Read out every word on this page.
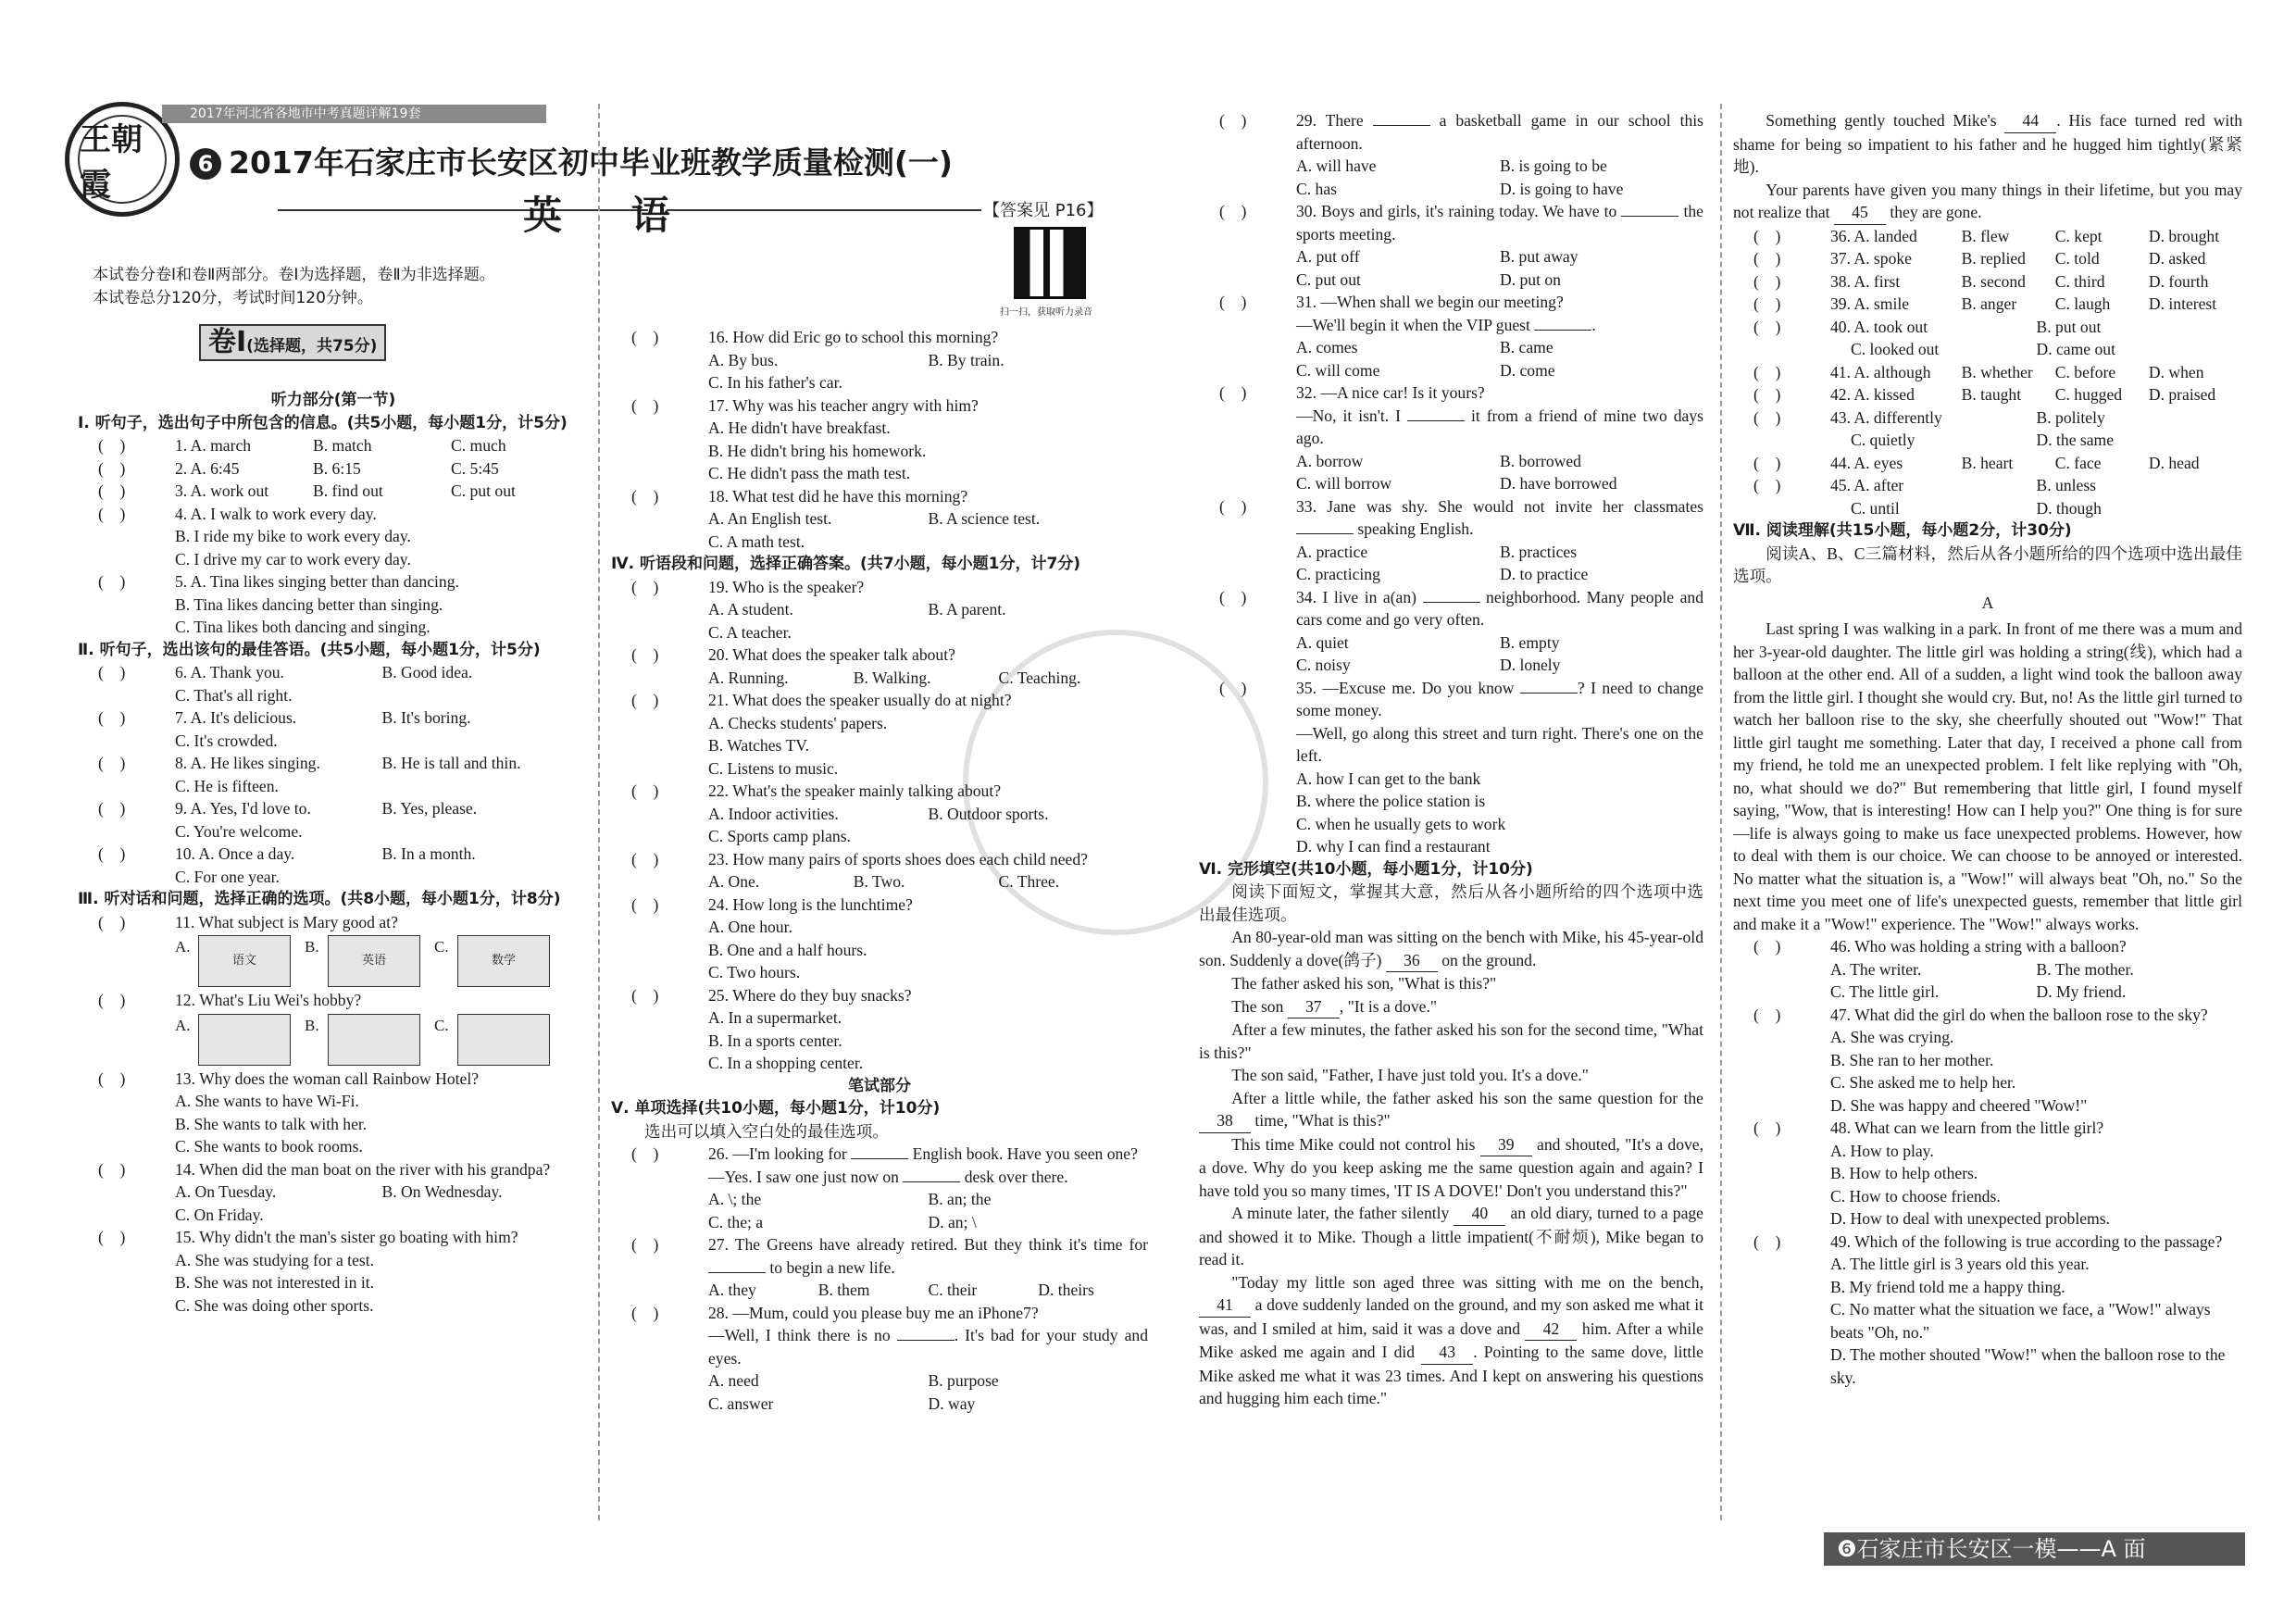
王朝霞
2017年河北省各地市中考真题详解19套
6 2017年石家庄市长安区初中毕业班教学质量检测(一)
英 语	【答案见 P16】
扫一扫，获取听力录音
本试卷分卷Ⅰ和卷Ⅱ两部分。卷Ⅰ为选择题，卷Ⅱ为非选择题。
本试卷总分120分，考试时间120分钟。
卷Ⅰ(选择题，共75分)
听力部分(第一节)
Ⅰ. 听句子，选出句子中所包含的信息。(共5小题，每小题1分，计5分)
(    )	1. A. march	B. match	C. much
(    )	2. A. 6:45	B. 6:15	C. 5:45
(    )	3. A. work out	B. find out	C. put out
(    )	4. A. I walk to work every day.
B. I ride my bike to work every day.
C. I drive my car to work every day.
(    )	5. A. Tina likes singing better than dancing.
B. Tina likes dancing better than singing.
C. Tina likes both dancing and singing.
Ⅱ. 听句子，选出该句的最佳答语。(共5小题，每小题1分，计5分)
(    )	6. A. Thank you.	B. Good idea.
C. That's all right.
(    )	7. A. It's delicious.	B. It's boring.
C. It's crowded.
(    )	8. A. He likes singing.	B. He is tall and thin.
C. He is fifteen.
(    )	9. A. Yes, I'd love to.	B. Yes, please.
C. You're welcome.
(    )	10. A. Once a day.	B. In a month.
C. For one year.
Ⅲ. 听对话和问题，选择正确的选项。(共8小题，每小题1分，计8分)
(    )	11. What subject is Mary good at?
A.
语文
B.
英语
C.
数学
(    )	12. What's Liu Wei's hobby?
A.	B.	C.
(    )	13. Why does the woman call Rainbow Hotel?
A. She wants to have Wi-Fi.
B. She wants to talk with her.
C. She wants to book rooms.
(    )	14. When did the man boat on the river with his grandpa?
A. On Tuesday.	B. On Wednesday.
C. On Friday.
(    )	15. Why didn't the man's sister go boating with him?
A. She was studying for a test.
B. She was not interested in it.
C. She was doing other sports.
(    )	16. How did Eric go to school this morning?
A. By bus.	B. By train.
C. In his father's car.
(    )	17. Why was his teacher angry with him?
A. He didn't have breakfast.
B. He didn't bring his homework.
C. He didn't pass the math test.
(    )	18. What test did he have this morning?
A. An English test.	B. A science test.
C. A math test.
Ⅳ. 听语段和问题，选择正确答案。(共7小题，每小题1分，计7分)
(    )	19. Who is the speaker?
A. A student.	B. A parent.
C. A teacher.
(    )	20. What does the speaker talk about?
A. Running.	B. Walking.	C. Teaching.
(    )	21. What does the speaker usually do at night?
A. Checks students' papers.
B. Watches TV.
C. Listens to music.
(    )	22. What's the speaker mainly talking about?
A. Indoor activities.	B. Outdoor sports.
C. Sports camp plans.
(    )	23. How many pairs of sports shoes does each child need?
A. One.	B. Two.	C. Three.
(    )	24. How long is the lunchtime?
A. One hour.
B. One and a half hours.
C. Two hours.
(    )	25. Where do they buy snacks?
A. In a supermarket.
B. In a sports center.
C. In a shopping center.
笔试部分
Ⅴ. 单项选择(共10小题，每小题1分，计10分)
选出可以填入空白处的最佳选项。
(    )	26. —I'm looking for	English book. Have you seen one?
—Yes. I saw one just now on	desk over there.
A. \; the	B. an; the
C. the; a	D. an; \
(    )	27. The Greens have already retired. But they think it's time for  to begin a new life.
A. they	B. them	C. their	D. theirs
(    )	28. —Mum, could you please buy me an iPhone7?
—Well, I think there is no	. It's bad for your study and eyes.
A. need	B. purpose
C. answer	D. way
(    )	29. There	a basketball game in our school this afternoon.
A. will have	B. is going to be
C. has	D. is going to have
(    )	30. Boys and girls, it's raining today. We have to	the sports meeting.
A. put off	B. put away
C. put out	D. put on
(    )	31. —When shall we begin our meeting?
—We'll begin it when the VIP guest	.
A. comes	B. came
C. will come	D. come
(    )	32. —A nice car! Is it yours?
—No, it isn't. I	it from a friend of mine two days ago.
A. borrow	B. borrowed
C. will borrow	D. have borrowed
(    )	33. Jane was shy. She would not invite her classmates  speaking English.
A. practice	B. practices
C. practicing	D. to practice
(    )	34. I live in a(an)	neighborhood. Many people and cars come and go very often.
A. quiet	B. empty
C. noisy	D. lonely
(    )	35. —Excuse me. Do you know	? I need to change some money.
—Well, go along this street and turn right. There's one on the left.
A. how I can get to the bank
B. where the police station is
C. when he usually gets to work
D. why I can find a restaurant
Ⅵ. 完形填空(共10小题，每小题1分，计10分)
阅读下面短文，掌握其大意，然后从各小题所给的四个选项中选出最佳选项。
An 80-year-old man was sitting on the bench with Mike, his 45-year-old son. Suddenly a dove(鸽子) 36 on the ground.
The father asked his son, "What is this?"
The son 37 , "It is a dove."
After a few minutes, the father asked his son for the second time, "What is this?"
The son said, "Father, I have just told you. It's a dove."
After a little while, the father asked his son the same question for the 38 time, "What is this?"
This time Mike could not control his 39 and shouted, "It's a dove, a dove. Why do you keep asking me the same question again and again? I have told you so many times, 'IT IS A DOVE!' Don't you understand this?"
A minute later, the father silently 40 an old diary, turned to a page and showed it to Mike. Though a little impatient(不耐烦), Mike began to read it.
"Today my little son aged three was sitting with me on the bench, 41 a dove suddenly landed on the ground, and my son asked me what it was, and I smiled at him, said it was a dove and 42 him. After a while Mike asked me again and I did 43 . Pointing to the same dove, little Mike asked me what it was 23 times. And I kept on answering his questions and hugging him each time."
Something gently touched Mike's 44 . His face turned red with shame for being so impatient to his father and he hugged him tightly(紧紧地).
Your parents have given you many things in their lifetime, but you may not realize that 45 they are gone.
(    )	36. A. landed	B. flew	C. kept	D. brought
(    )	37. A. spoke	B. replied	C. told	D. asked
(    )	38. A. first	B. second	C. third	D. fourth
(    )	39. A. smile	B. anger	C. laugh	D. interest
(    )	40. A. took out	B. put out
C. looked out	D. came out
(    )	41. A. although	B. whether	C. before	D. when
(    )	42. A. kissed	B. taught	C. hugged	D. praised
(    )	43. A. differently	B. politely
C. quietly	D. the same
(    )	44. A. eyes	B. heart	C. face	D. head
(    )	45. A. after	B. unless
C. until	D. though
Ⅶ. 阅读理解(共15小题，每小题2分，计30分)
阅读A、B、C三篇材料，然后从各小题所给的四个选项中选出最佳选项。
A
Last spring I was walking in a park. In front of me there was a mum and her 3-year-old daughter. The little girl was holding a string(线), which had a balloon at the other end. All of a sudden, a light wind took the balloon away from the little girl. I thought she would cry. But, no! As the little girl turned to watch her balloon rise to the sky, she cheerfully shouted out "Wow!" That little girl taught me something. Later that day, I received a phone call from my friend, he told me an unexpected problem. I felt like replying with "Oh, no, what should we do?" But remembering that little girl, I found myself saying, "Wow, that is interesting! How can I help you?" One thing is for sure—life is always going to make us face unexpected problems. However, how to deal with them is our choice. We can choose to be annoyed or interested. No matter what the situation is, a "Wow!" will always beat "Oh, no." So the next time you meet one of life's unexpected guests, remember that little girl and make it a "Wow!" experience. The "Wow!" always works.
(    )	46. Who was holding a string with a balloon?
A. The writer.	B. The mother.
C. The little girl.	D. My friend.
(    )	47. What did the girl do when the balloon rose to the sky?
A. She was crying.
B. She ran to her mother.
C. She asked me to help her.
D. She was happy and cheered "Wow!"
(    )	48. What can we learn from the little girl?
A. How to play.
B. How to help others.
C. How to choose friends.
D. How to deal with unexpected problems.
(    )	49. Which of the following is true according to the passage?
A. The little girl is 3 years old this year.
B. My friend told me a happy thing.
C. No matter what the situation we face, a "Wow!" always beats "Oh, no."
D. The mother shouted "Wow!" when the balloon rose to the sky.
❻石家庄市长安区一模——A 面
